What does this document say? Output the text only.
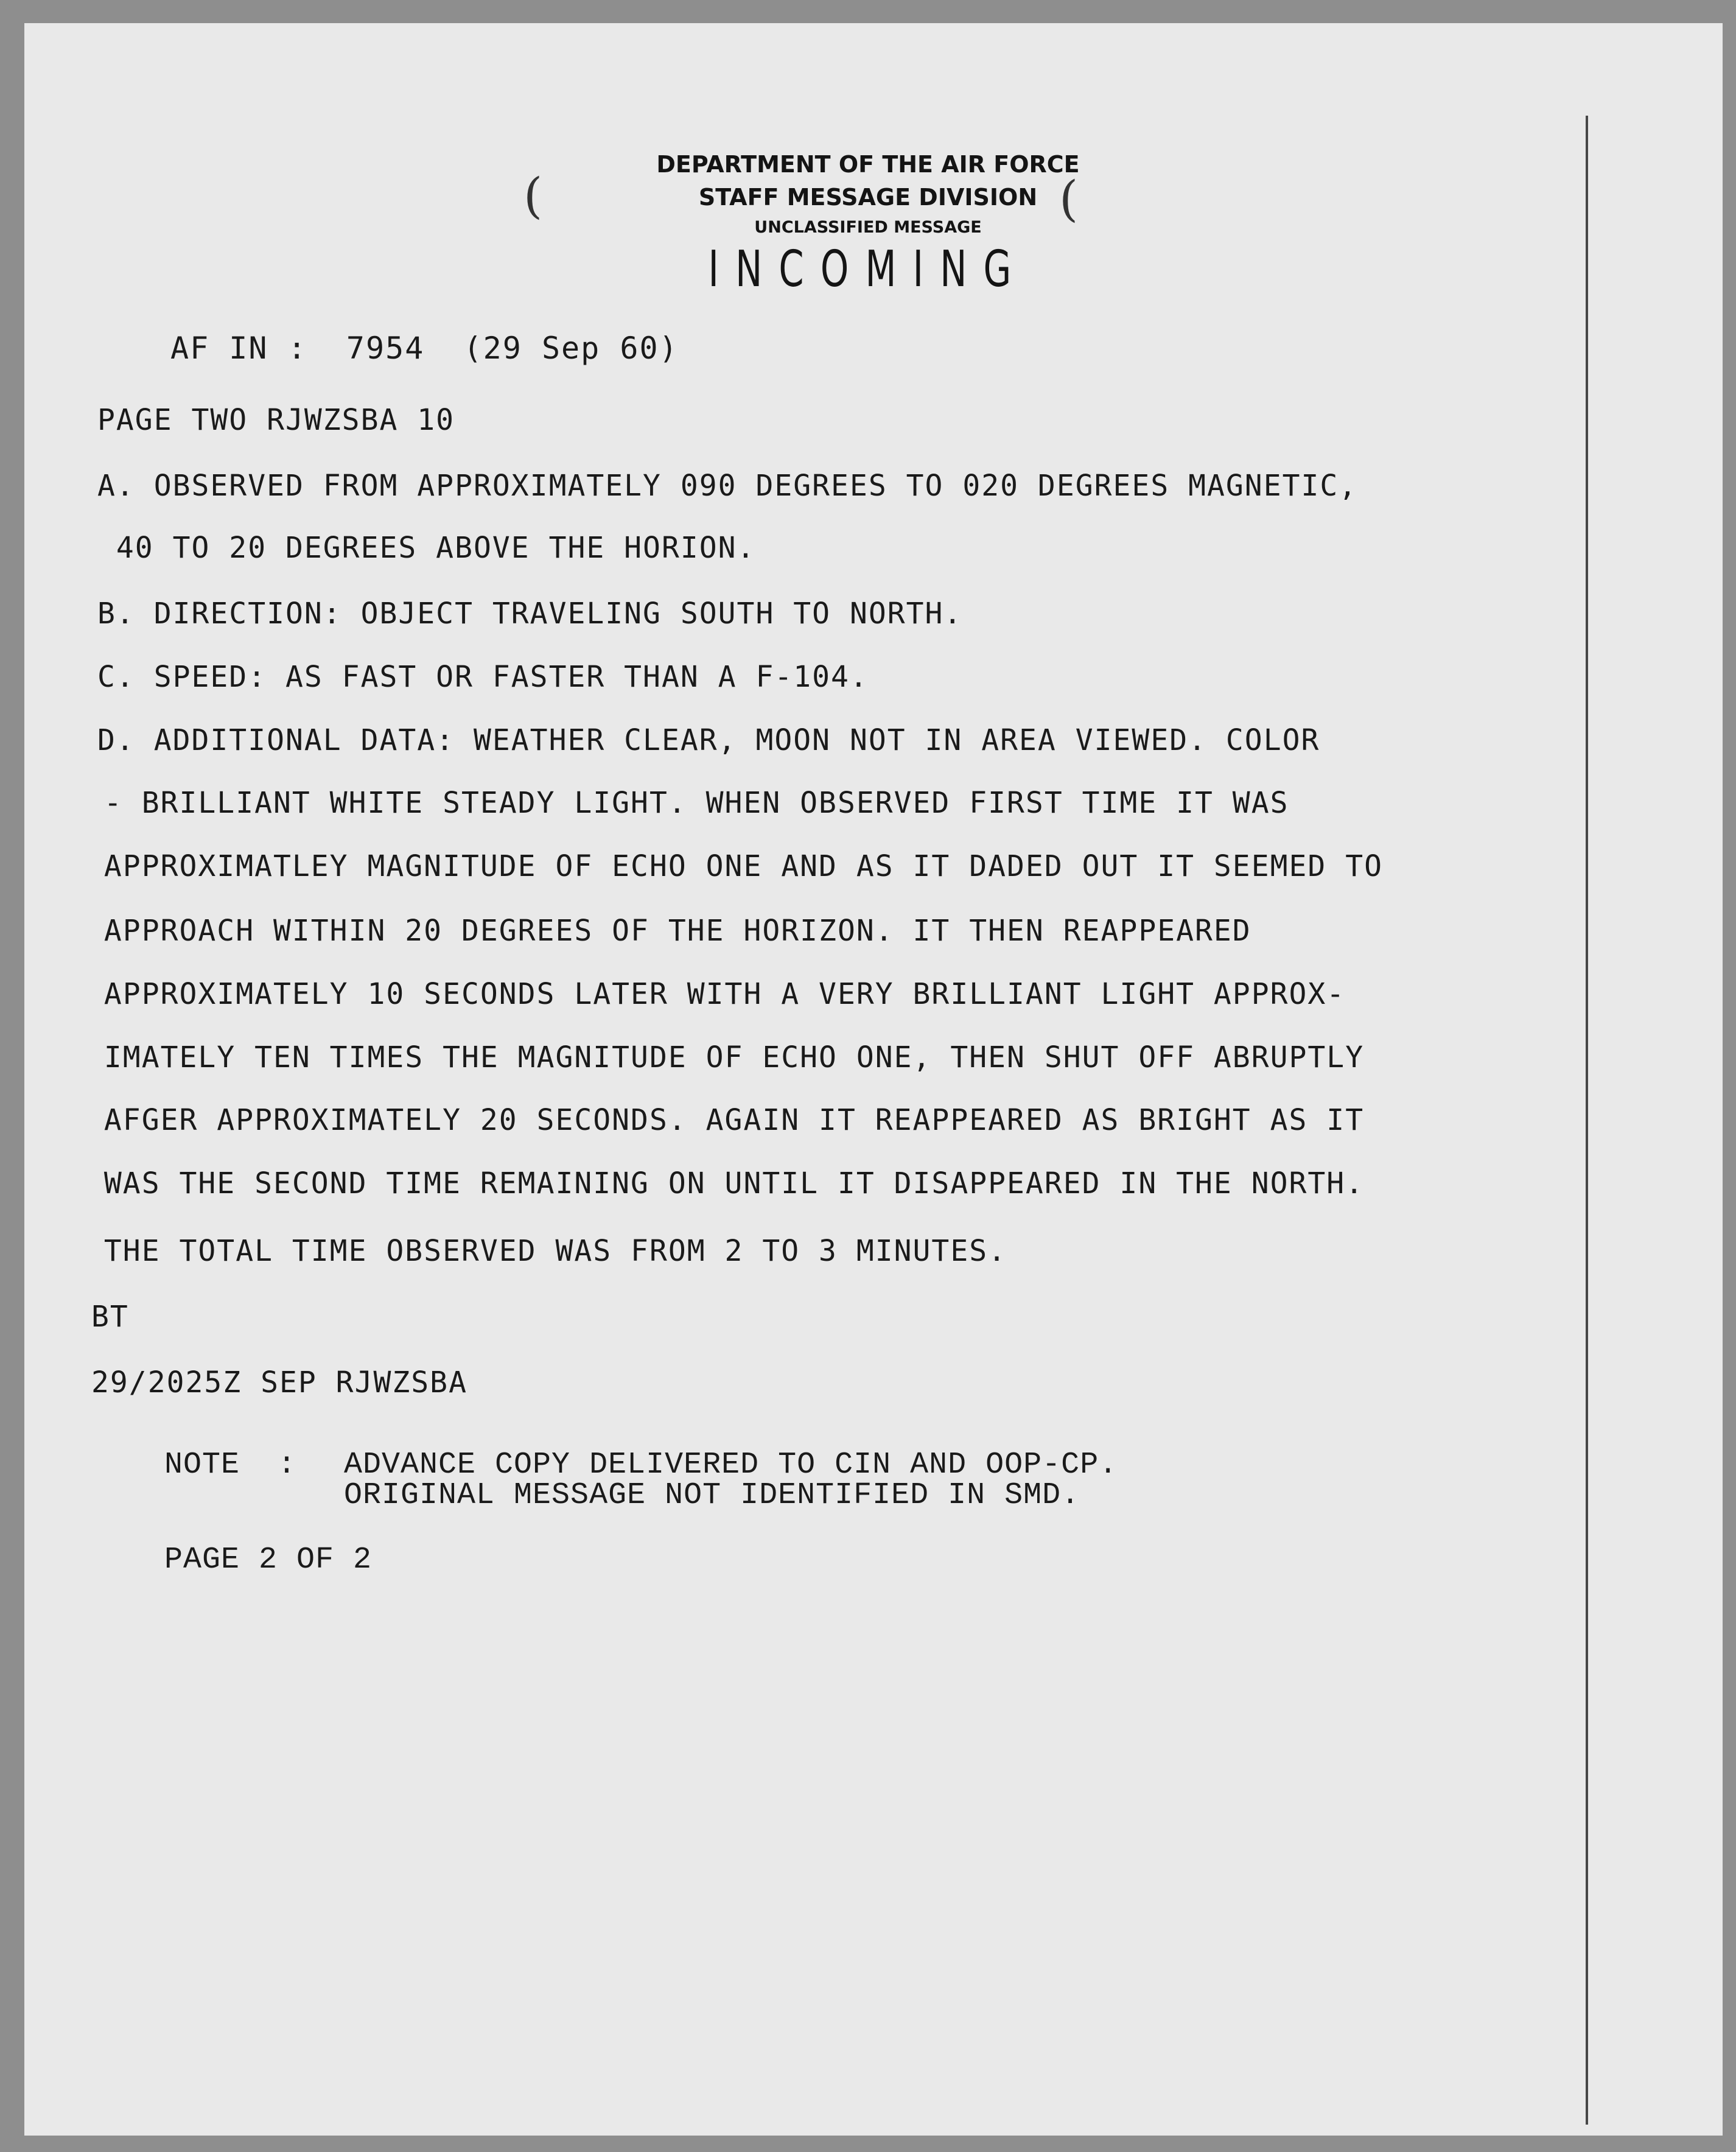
(	(
DEPARTMENT OF THE AIR FORCE
STAFF MESSAGE DIVISION
UNCLASSIFIED MESSAGE
INCOMING
AF IN :  7954  (29 Sep 60)
PAGE TWO RJWZSBA 10
A. OBSERVED FROM APPROXIMATELY 090 DEGREES TO 020 DEGREES MAGNETIC,
40 TO 20 DEGREES ABOVE THE HORION.
B. DIRECTION: OBJECT TRAVELING SOUTH TO NORTH.
C. SPEED: AS FAST OR FASTER THAN A F-104.
D. ADDITIONAL DATA: WEATHER CLEAR, MOON NOT IN AREA VIEWED. COLOR
- BRILLIANT WHITE STEADY LIGHT. WHEN OBSERVED FIRST TIME IT WAS
APPROXIMATLEY MAGNITUDE OF ECHO ONE AND AS IT DADED OUT IT SEEMED TO
APPROACH WITHIN 20 DEGREES OF THE HORIZON. IT THEN REAPPEARED
APPROXIMATELY 10 SECONDS LATER WITH A VERY BRILLIANT LIGHT APPROX-
IMATELY TEN TIMES THE MAGNITUDE OF ECHO ONE, THEN SHUT OFF ABRUPTLY
AFGER APPROXIMATELY 20 SECONDS. AGAIN IT REAPPEARED AS BRIGHT AS IT
WAS THE SECOND TIME REMAINING ON UNTIL IT DISAPPEARED IN THE NORTH.
THE TOTAL TIME OBSERVED WAS FROM 2 TO 3 MINUTES.
BT
29/2025Z SEP RJWZSBA
NOTE  : ADVANCE COPY DELIVERED TO CIN AND OOP-CP.
ORIGINAL MESSAGE NOT IDENTIFIED IN SMD.
PAGE 2 OF 2
